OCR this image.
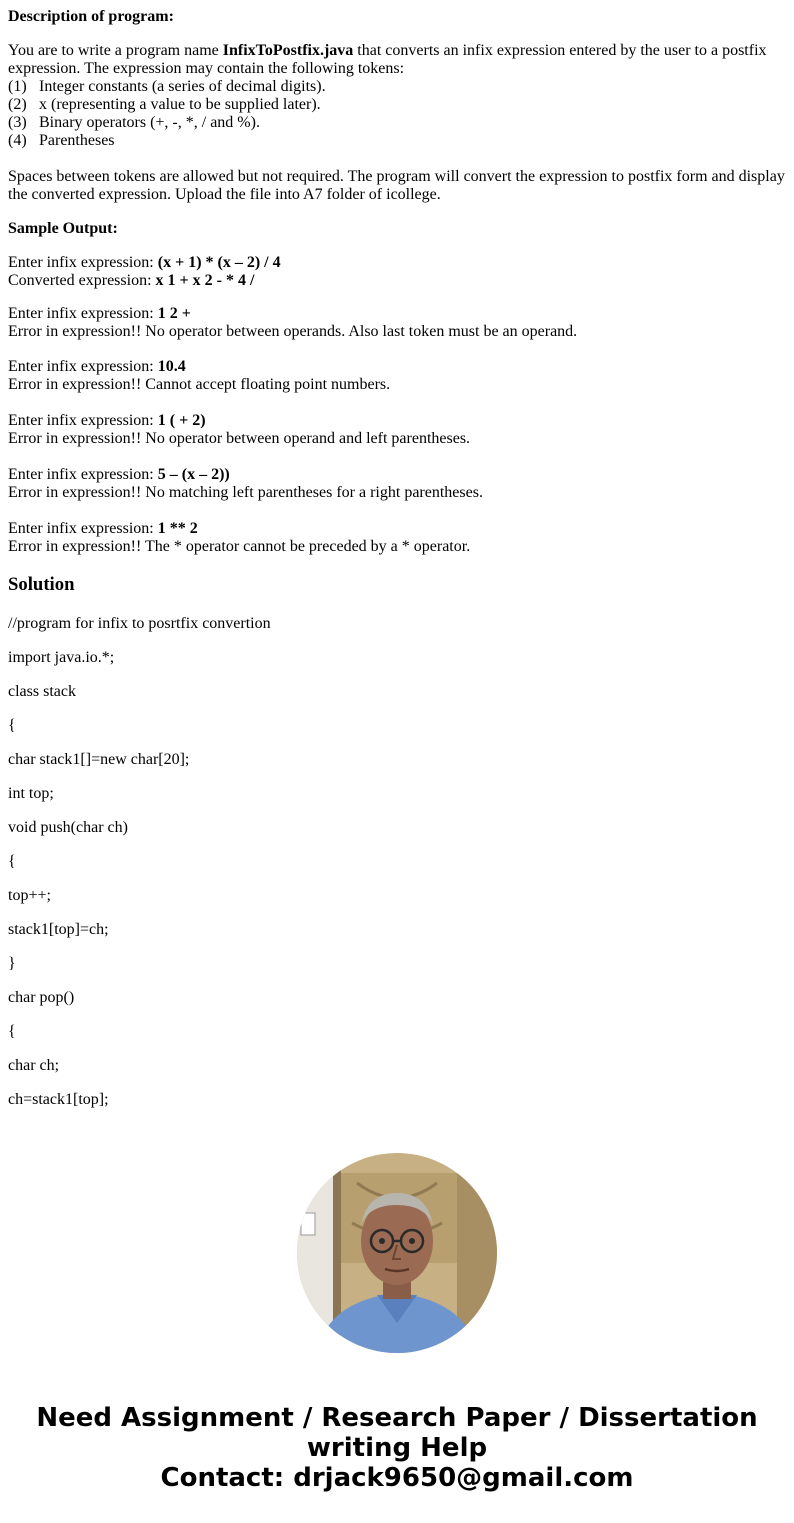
Description of program:
You are to write a program name InfixToPostfix.java that converts an infix expression entered by the user to a postfix expression. The expression may contain the following tokens:
(1) Integer constants (a series of decimal digits).
(2) x (representing a value to be supplied later).
(3) Binary operators (+, -, *, / and %).
(4) Parentheses
Spaces between tokens are allowed but not required. The program will convert the expression to postfix form and display the converted expression. Upload the file into A7 folder of icollege.
Sample Output:
Enter infix expression: (x + 1) * (x – 2) / 4
Converted expression: x 1 + x 2 - * 4 /
Enter infix expression: 1 2 +
Error in expression!! No operator between operands. Also last token must be an operand.
Enter infix expression: 10.4
Error in expression!! Cannot accept floating point numbers.
Enter infix expression: 1 ( + 2)
Error in expression!! No operator between operand and left parentheses.
Enter infix expression: 5 – (x – 2))
Error in expression!! No matching left parentheses for a right parentheses.
Enter infix expression: 1 ** 2
Error in expression!! The * operator cannot be preceded by a * operator.
Solution

//program for infix to posrtfix convertion

import java.io.*;

class stack

{

char stack1[]=new char[20];

int top;

void push(char ch)

{

top++;

stack1[top]=ch;

}

char pop()

{

char ch;

ch=stack1[top];

Need Assignment / Research Paper / Dissertation
writing Help
Contact: drjack9650@gmail.com
